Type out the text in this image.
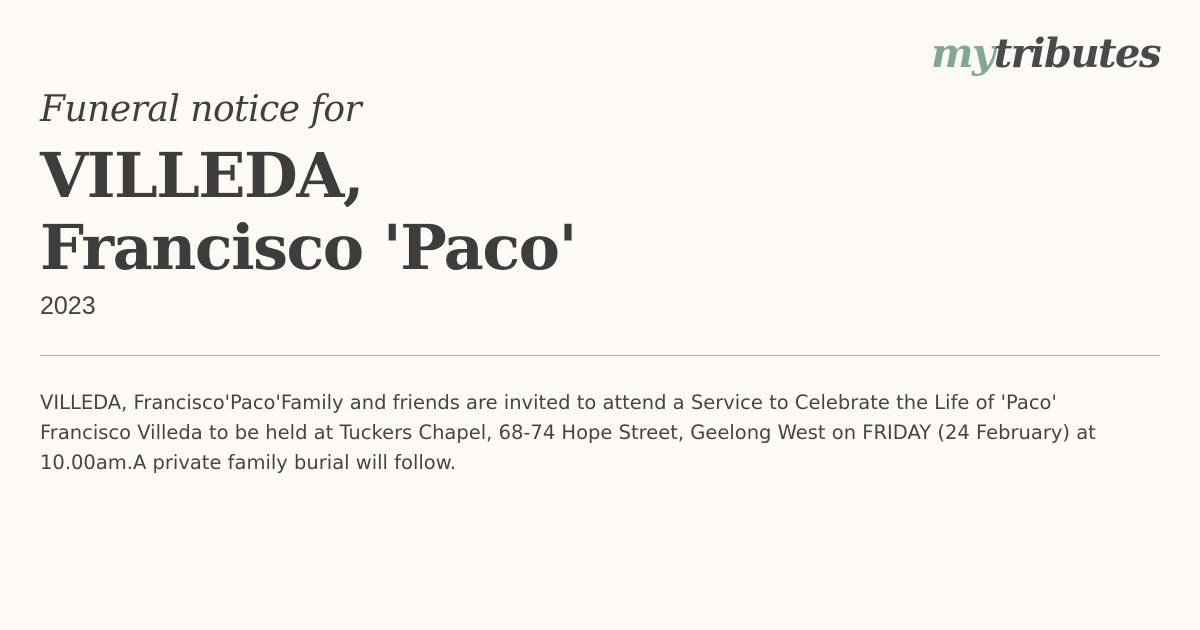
mytributes
Funeral notice for
VILLEDA,
Francisco 'Paco'
2023
VILLEDA, Francisco'Paco'Family and friends are invited to attend a Service to Celebrate the Life of 'Paco' Francisco Villeda to be held at Tuckers Chapel, 68-74 Hope Street, Geelong West on FRIDAY (24 February) at 10.00am.A private family burial will follow.
